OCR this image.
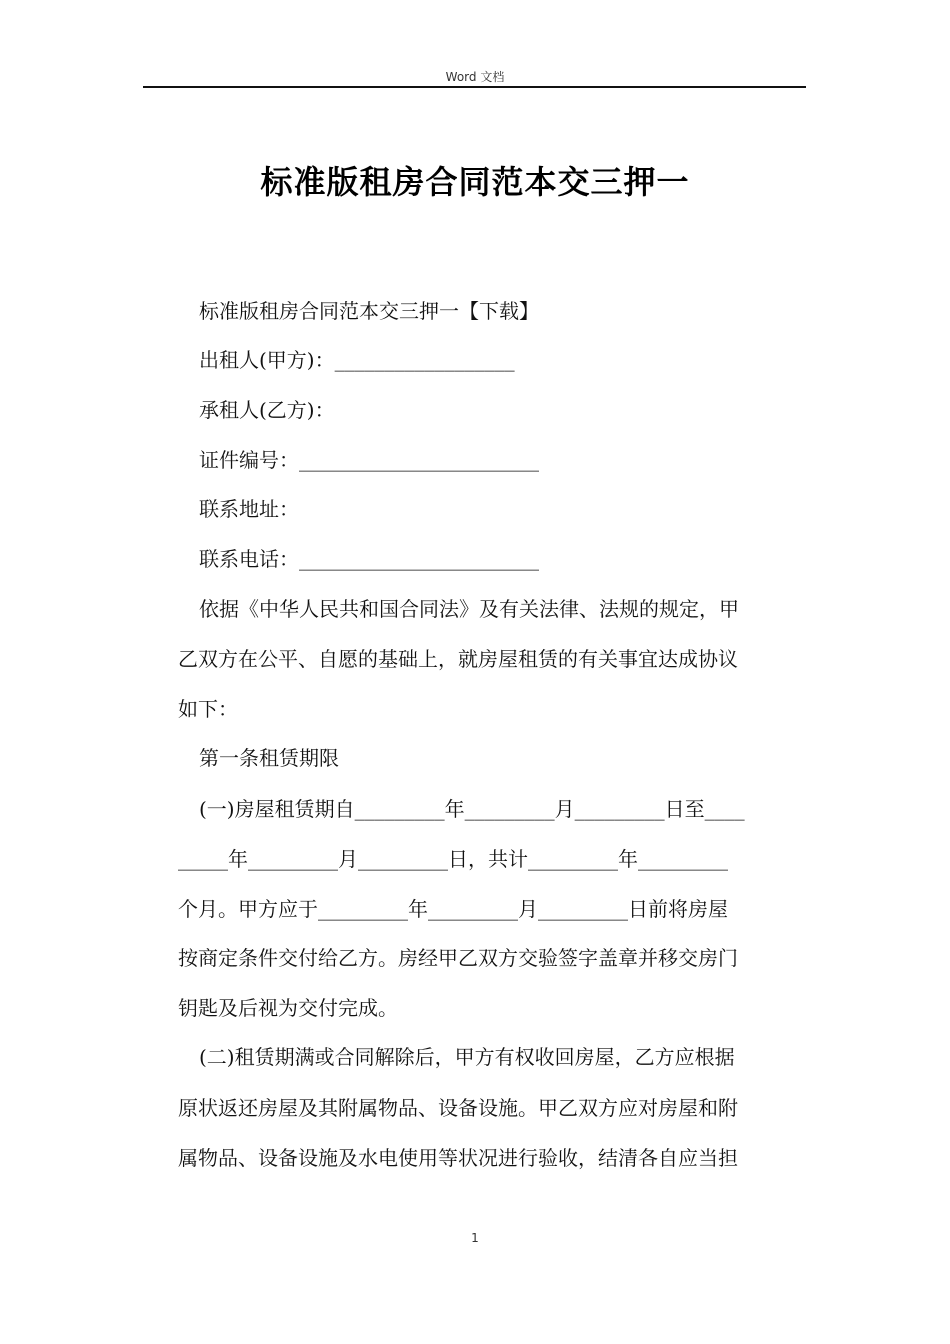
Word 文档
标准版租房合同范本交三押一
标准版租房合同范本交三押一【下载】
出租人(甲方)：__________________
承租人(乙方)：
证件编号：________________________
联系地址：
联系电话：________________________
依据《中华人民共和国合同法》及有关法律、法规的规定，甲
乙双方在公平、自愿的基础上，就房屋租赁的有关事宜达成协议
如下：
第一条租赁期限
(一)房屋租赁期自_________年_________月_________日至____
_____年_________月_________日，共计_________年_________
个月。甲方应于_________年_________月_________日前将房屋
按商定条件交付给乙方。房经甲乙双方交验签字盖章并移交房门
钥匙及后视为交付完成。
(二)租赁期满或合同解除后，甲方有权收回房屋，乙方应根据
原状返还房屋及其附属物品、设备设施。甲乙双方应对房屋和附
属物品、设备设施及水电使用等状况进行验收，结清各自应当担
1
